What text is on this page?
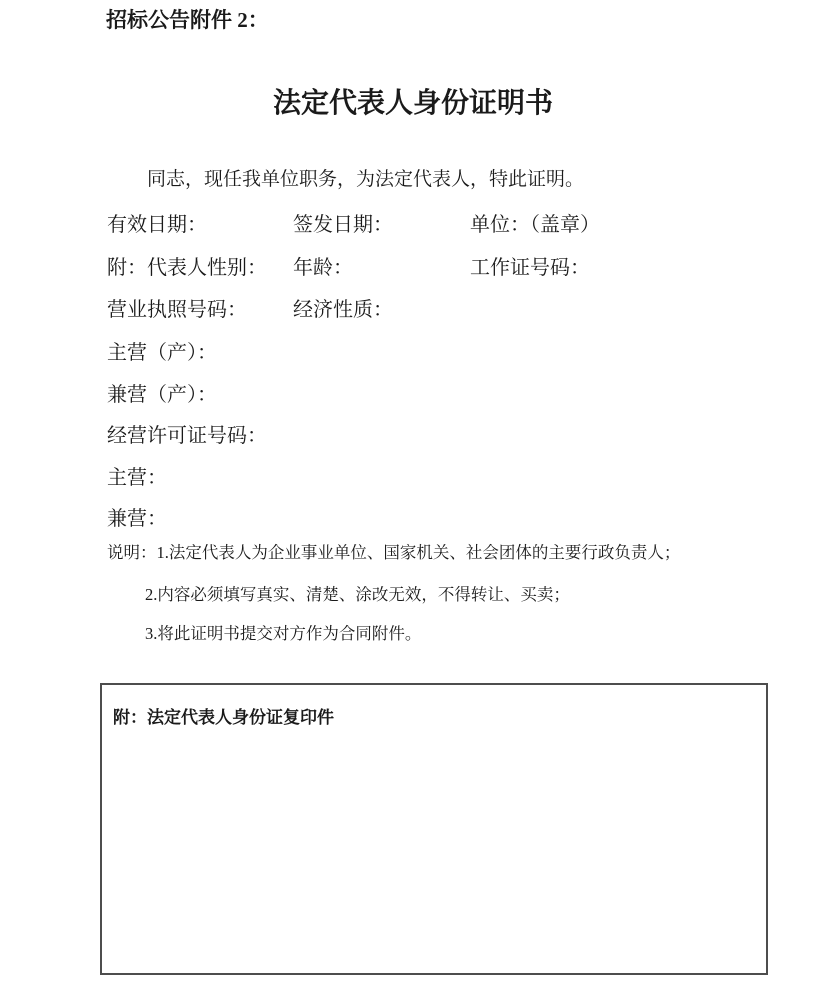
招标公告附件 2：
法定代表人身份证明书
同志，现任我单位职务，为法定代表人，特此证明。
有效日期：	签发日期：	单位：（盖章）
附：代表人性别： 年龄：	工作证号码：
营业执照号码： 经济性质：
主营（产）：
兼营（产）：
经营许可证号码：
主营：
兼营：
说明：1.法定代表人为企业事业单位、国家机关、社会团体的主要行政负责人；
2.内容必须填写真实、清楚、涂改无效，不得转让、买卖；
3.将此证明书提交对方作为合同附件。
附：法定代表人身份证复印件
